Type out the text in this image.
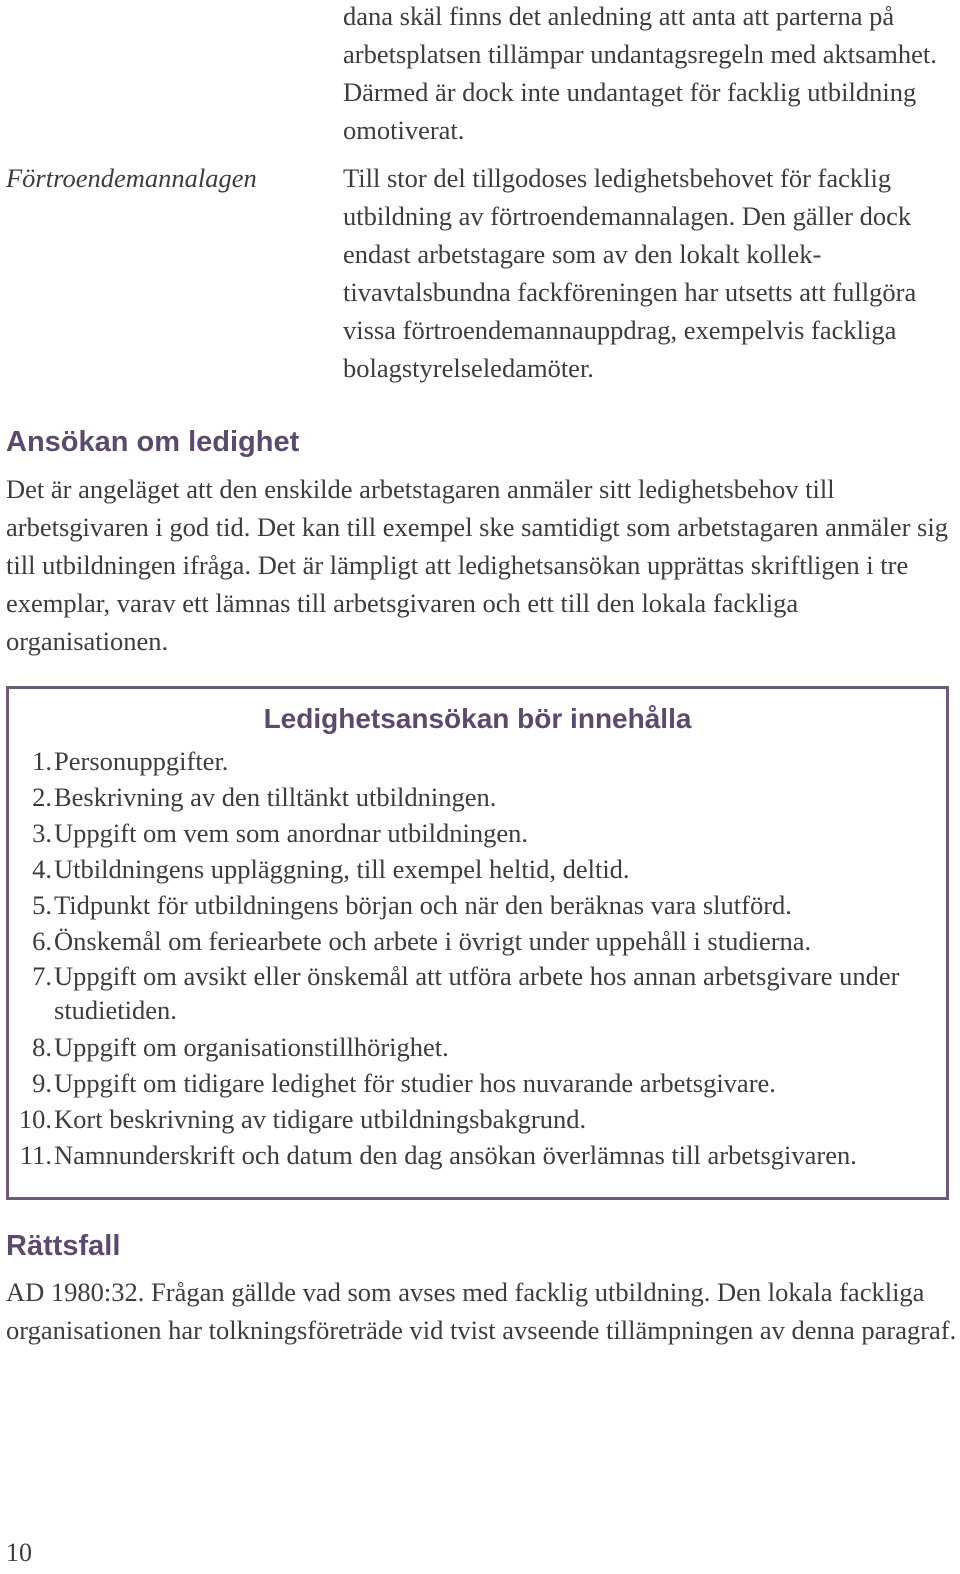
dana skäl finns det anledning att anta att parterna på arbetsplatsen tillämpar undantagsregeln med aktsamhet. Därmed är dock inte undantaget för facklig utbildning omotiverat.

Förtroendemannalagen	Till stor del tillgodoses ledighetsbehovet för facklig utbildning av förtroendemannalagen. Den gäller dock endast arbetstagare som av den lokalt kollektivavtalsbundna fackföreningen har utsetts att fullgöra vissa förtroendemannauppdrag, exempelvis fackliga bolagstyrelseledamöter.

Ansökan om ledighet

Det är angeläget att den enskilde arbetstagaren anmäler sitt ledighetsbehov till arbetsgivaren i god tid. Det kan till exempel ske samtidigt som arbetstagaren anmäler sig till utbildningen ifråga. Det är lämpligt att ledighetsansökan upprättas skriftligen i tre exemplar, varav ett lämnas till arbetsgivaren och ett till den lokala fackliga organisationen.

Ledighetsansökan bör innehålla
1. Personuppgifter.
2. Beskrivning av den tilltänkt utbildningen.
3. Uppgift om vem som anordnar utbildningen.
4. Utbildningens uppläggning, till exempel heltid, deltid.
5. Tidpunkt för utbildningens början och när den beräknas vara slutförd.
6. Önskemål om feriearbete och arbete i övrigt under uppehåll i studierna.
7. Uppgift om avsikt eller önskemål att utföra arbete hos annan arbetsgivare under studietiden.
8. Uppgift om organisationstillhörighet.
9. Uppgift om tidigare ledighet för studier hos nuvarande arbetsgivare.
10. Kort beskrivning av tidigare utbildningsbakgrund.
11. Namnunderskrift och datum den dag ansökan överlämnas till arbetsgivaren.
Rättsfall

AD 1980:32. Frågan gällde vad som avses med facklig utbildning. Den lokala fackliga organisationen har tolkningsföreträde vid tvist avseende tillämpningen av denna paragraf.

10
